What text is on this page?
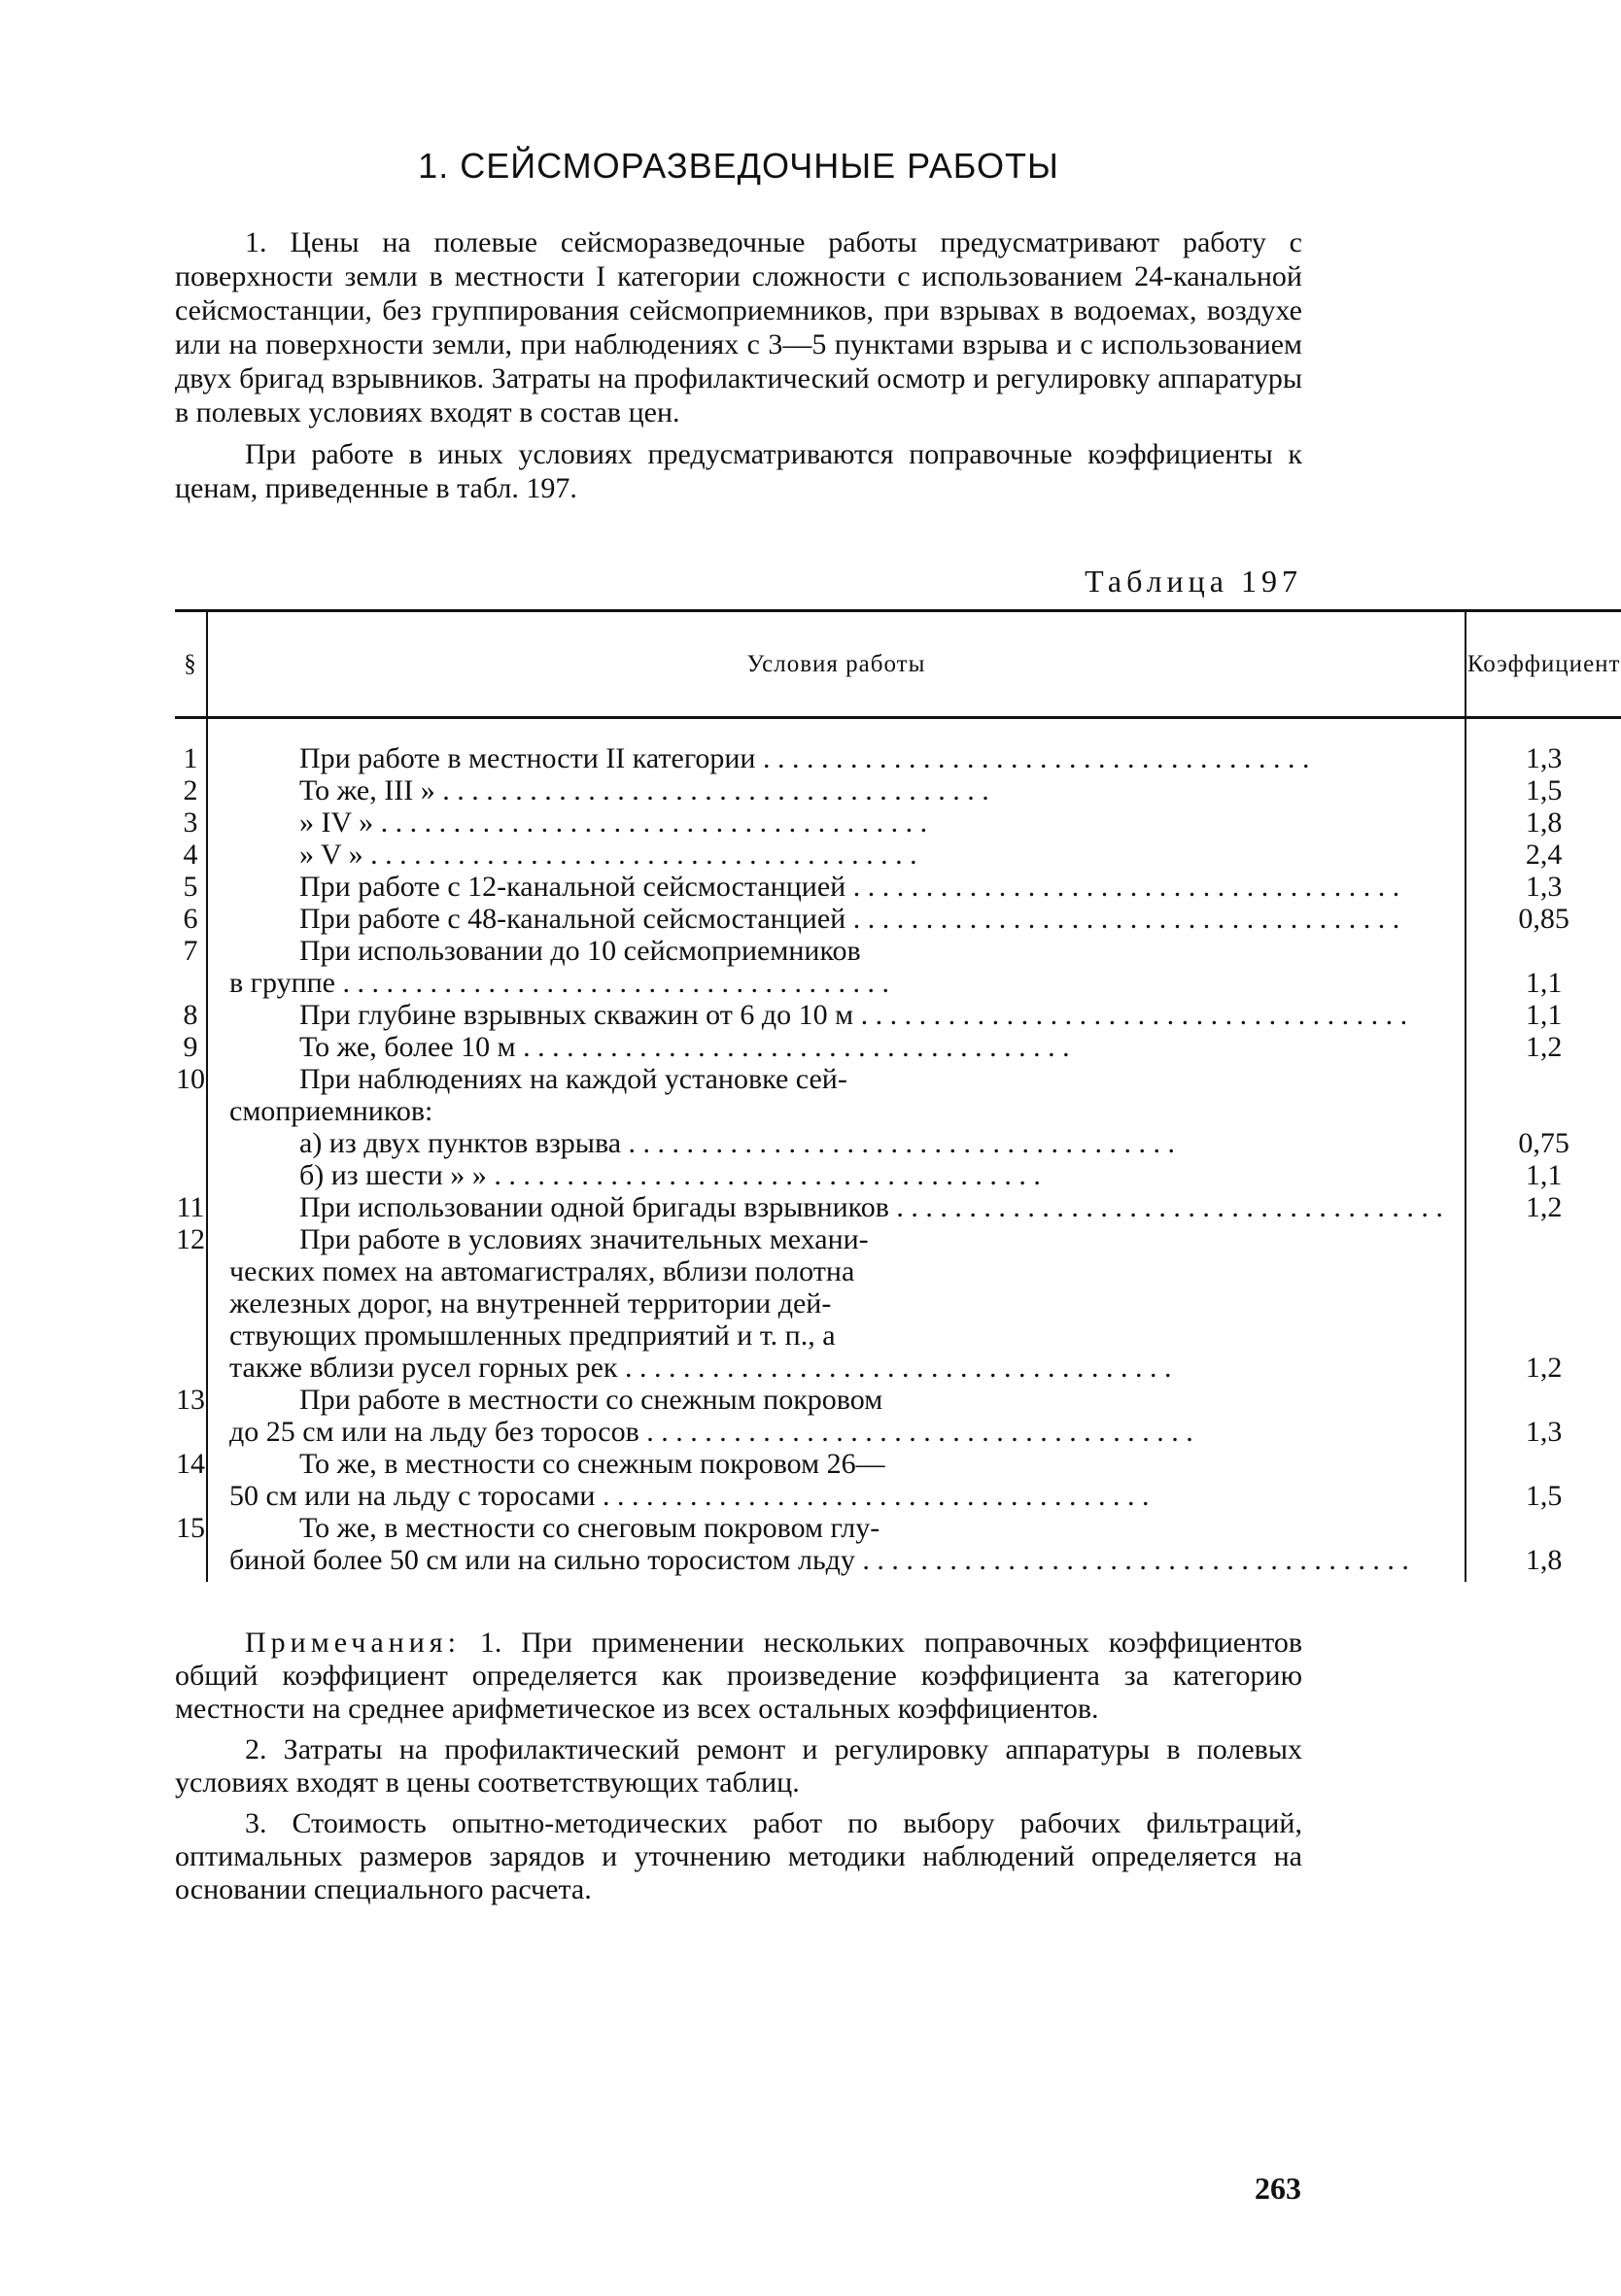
1. СЕЙСМОРАЗВЕДОЧНЫЕ РАБОТЫ

1. Цены на полевые сейсморазведочные работы предусматривают работу с поверхности земли в местности I категории сложности с использованием 24-канальной сейсмостанции, без группирования сейсмоприемников, при взрывах в водоемах, воздухе или на поверхности земли, при наблюдениях с 3—5 пунктами взрыва и с использованием двух бригад взрывников. Затраты на профилактический осмотр и регулировку аппаратуры в полевых условиях входят в состав цен.

При работе в иных условиях предусматриваются поправочные коэффициенты к ценам, приведенные в табл. 197.

Таблица 197
§	Условия работы	Коэффициент
1	При работе в местности II категории . . .	1,3
2	То же, III » . . .	1,5
3	» IV » . . .	1,8
4	» V » . . .	2,4
5	При работе с 12-канальной сейсмостанцией . . .	1,3
6	При работе с 48-канальной сейсмостанцией . . .	0,85
7	При использовании до 10 сейсмоприемников
в группе . . .	1,1
8	При глубине взрывных скважин от 6 до 10 м . . .	1,1
9	То же, более 10 м . . .	1,2
10	При наблюдениях на каждой установке сей-
смоприемников:	

	а) из двух пунктов взрыва . . .	0,75

	б) из шести » » . . .	1,1
11	При использовании одной бригады взрывников . . .	1,2
12	При работе в условиях значительных механи-
ческих помех на автомагистралях, вблизи полотна
железных дорог, на внутренней территории дей-
ствующих промышленных предприятий и т. п., а
также вблизи русел горных рек . . .	1,2
13	При работе в местности со снежным покровом
до 25 см или на льду без торосов . . .	1,3
14	То же, в местности со снежным покровом 26—
50 см или на льду с торосами . . .	1,5
15	То же, в местности со снеговым покровом глу-
биной более 50 см или на сильно торосистом льду . . .	1,8

Примечания: 1. При применении нескольких поправочных коэффициентов общий коэффициент определяется как произведение коэффициента за категорию местности на среднее арифметическое из всех остальных коэффициентов.

2. Затраты на профилактический ремонт и регулировку аппаратуры в полевых условиях входят в цены соответствующих таблиц.

3. Стоимость опытно-методических работ по выбору рабочих фильтраций, оптимальных размеров зарядов и уточнению методики наблюдений определяется на основании специального расчета.

263
